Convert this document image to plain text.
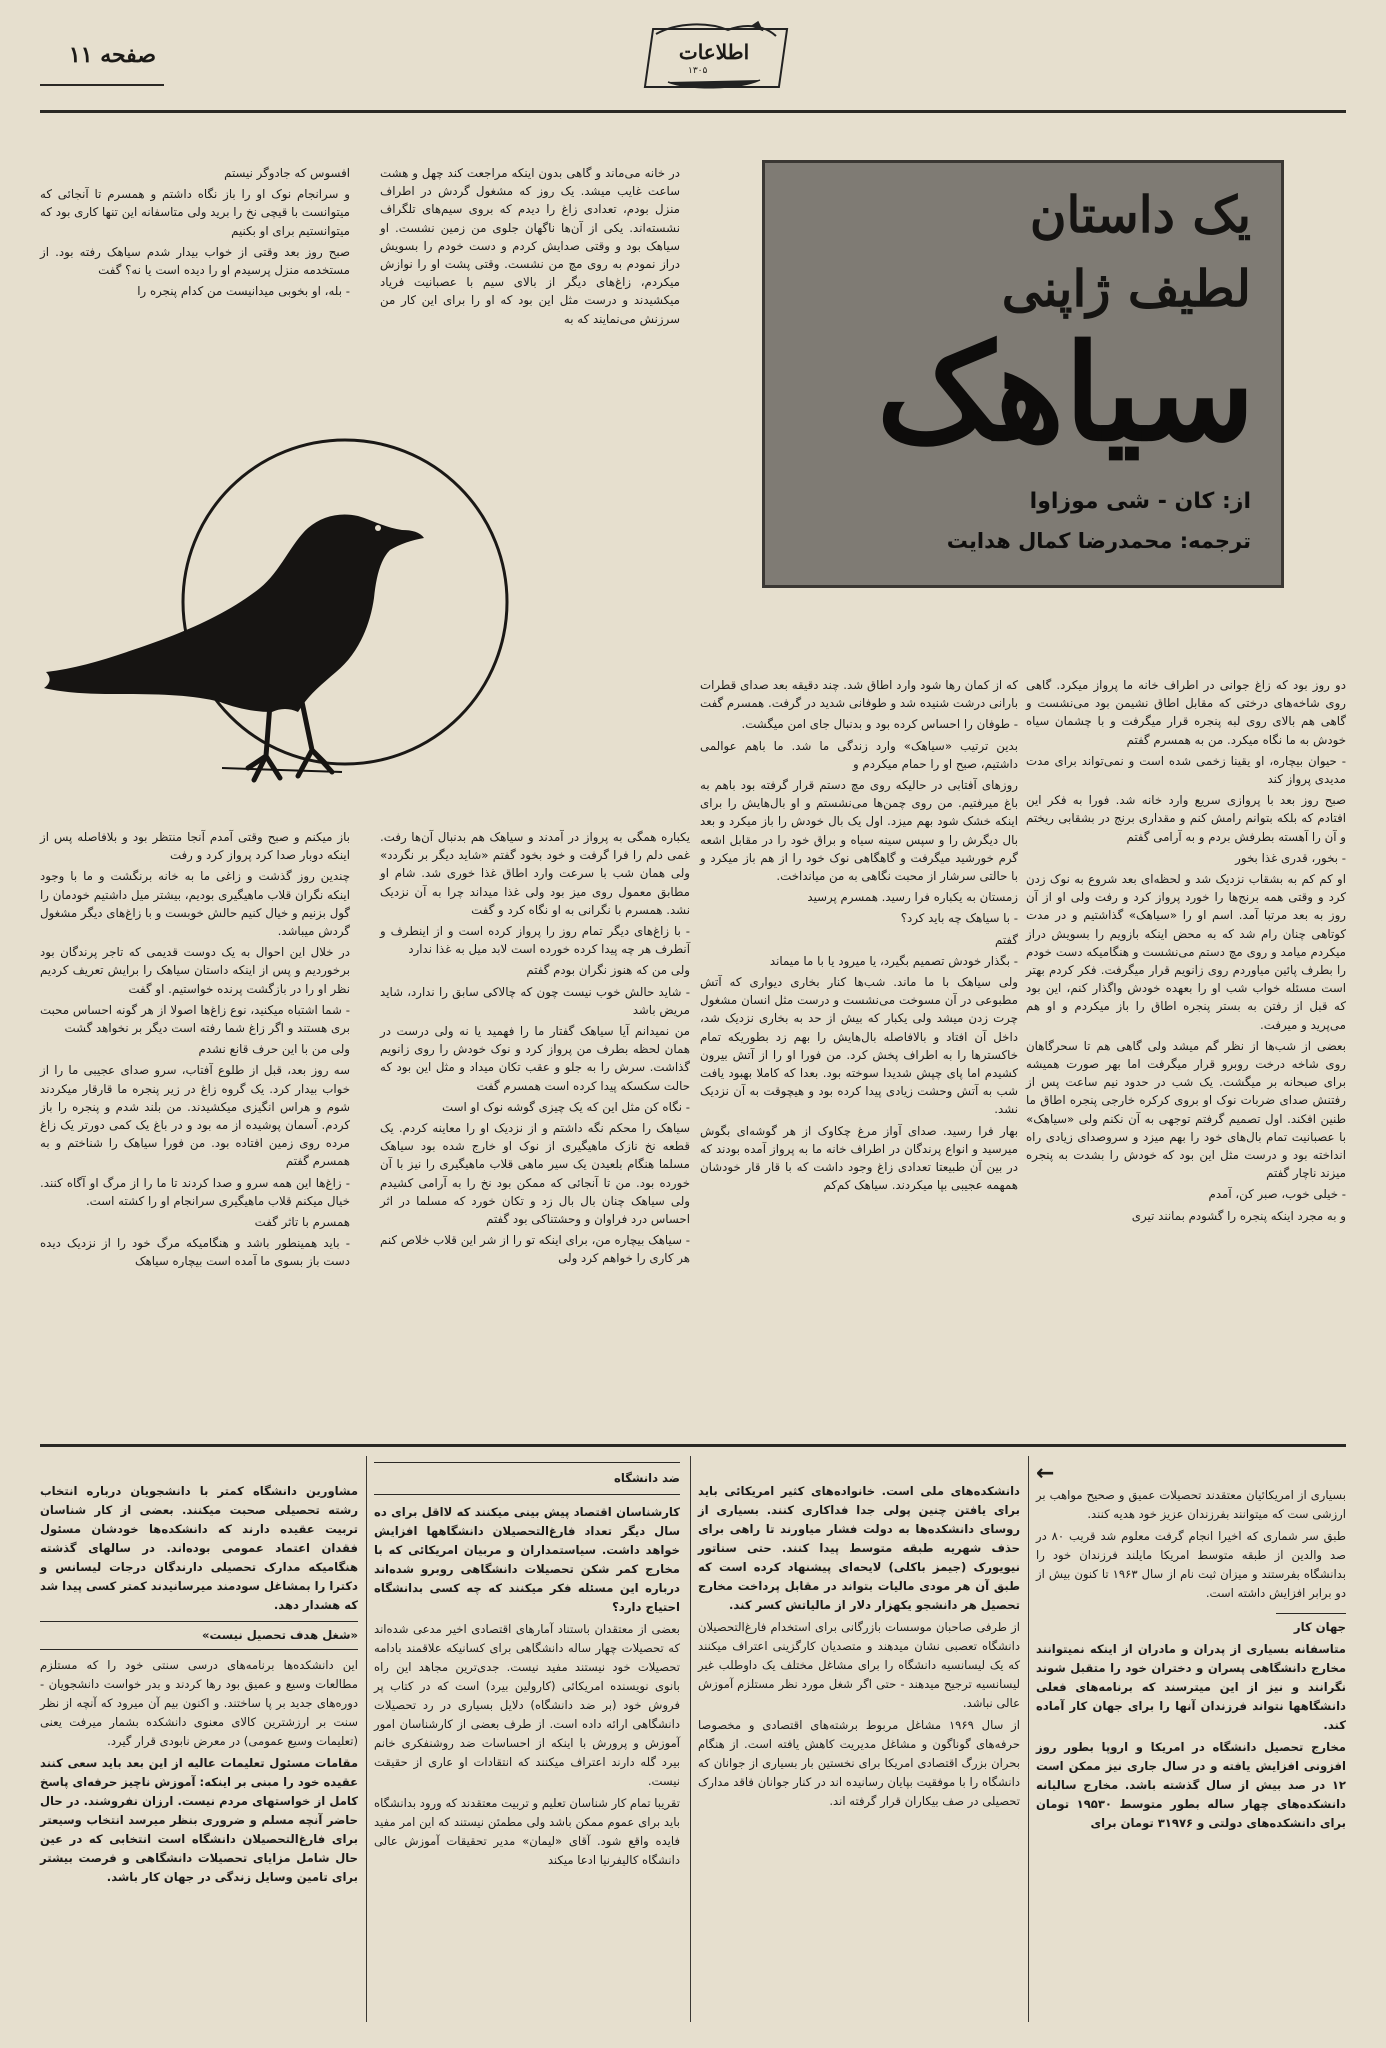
صفحه ۱۱	اطلاعات
۱۳۰۵
یک داستان
لطیف ژاپنی
سیاهک
از: کان - شی موزاوا
ترجمه: محمدرضا کمال هدایت

در خانه می‌ماند و گاهی بدون اینکه مراجعت کند چهل و هشت ساعت غایب میشد. یک روز که مشغول گردش در اطراف منزل بودم، تعدادی زاغ را دیدم که بروی سیم‌های تلگراف نشسته‌اند. یکی از آن‌ها ناگهان جلوی من زمین نشست. او سیاهک بود و وقتی صدایش کردم و دست خودم را بسویش دراز نمودم به روی مچ من نشست. وقتی پشت او را نوازش میکردم، زاغ‌های دیگر از بالای سیم با عصبانیت فریاد میکشیدند و درست مثل این بود که او را برای این کار من سرزنش می‌نمایند که به

افسوس که جادوگر نیستم

و سرانجام نوک او را باز نگاه داشتم و همسرم تا آنجائی که میتوانست با قیچی نخ را برید ولی متاسفانه این تنها کاری بود که میتوانستیم برای او بکنیم

صبح روز بعد وقتی از خواب بیدار شدم سیاهک رفته بود. از مستخدمه منزل پرسیدم او را دیده است یا نه؟ گفت

- بله، او بخوبی میدانیست من کدام پنجره را

دو روز بود که زاغ جوانی در اطراف خانه ما پرواز میکرد. گاهی روی شاخه‌های درختی که مقابل اطاق نشیمن بود می‌نشست و گاهی هم بالای روی لبه پنجره قرار میگرفت و با چشمان سیاه خودش به ما نگاه میکرد. من به همسرم گفتم

- حیوان بیچاره، او یقینا زخمی شده است و نمی‌تواند برای مدت مدیدی پرواز کند

صبح روز بعد با پروازی سریع وارد خانه شد. فورا به فکر این افتادم که بلکه بتوانم رامش کنم و مقداری برنج در بشقابی ریختم و آن را آهسته بطرفش بردم و به آرامی گفتم

- بخور، قدری غذا بخور

او کم کم به بشقاب نزدیک شد و لحظه‌ای بعد شروع به نوک زدن کرد و وقتی همه برنج‌ها را خورد پرواز کرد و رفت ولی او از آن روز به بعد مرتبا آمد. اسم او را «سیاهک» گذاشتیم و در مدت کوتاهی چنان رام شد که به محض اینکه بازویم را بسویش دراز میکردم میامد و روی مچ دستم می‌نشست و هنگامیکه دست خودم را بطرف پائین میاوردم روی زانویم قرار میگرفت. فکر کردم بهتر است مسئله خواب شب او را بعهده خودش واگذار کنم، این بود که قبل از رفتن به بستر پنجره اطاق را باز میکردم و او هم می‌پرید و میرفت.

بعضی از شب‌ها از نظر گم میشد ولی گاهی هم تا سحرگاهان روی شاخه درخت روبرو قرار میگرفت اما بهر صورت همیشه برای صبحانه بر میگشت. یک شب در حدود نیم ساعت پس از رفتنش صدای ضربات نوک او بروی کرکره خارجی پنجره اطاق ما طنین افکند. اول تصمیم گرفتم توجهی به آن نکنم ولی «سیاهک» با عصبانیت تمام بال‌های خود را بهم میزد و سروصدای زیادی راه انداخته بود و درست مثل این بود که خودش را بشدت به پنجره میزند ناچار گفتم

- خیلی خوب، صبر کن، آمدم

و به مجرد اینکه پنجره را گشودم بمانند تیری

که از کمان رها شود وارد اطاق شد. چند دقیقه بعد صدای قطرات بارانی درشت شنیده شد و طوفانی شدید در گرفت. همسرم گفت

- طوفان را احساس کرده بود و بدنبال جای امن میگشت.

بدین ترتیب «سیاهک» وارد زندگی ما شد. ما باهم عوالمی داشتیم، صبح او را حمام میکردم و

روزهای آفتابی در حالیکه روی مچ دستم قرار گرفته بود باهم به باغ میرفتیم. من روی چمن‌ها می‌نشستم و او بال‌هایش را برای اینکه خشک شود بهم میزد. اول یک بال خودش را باز میکرد و بعد بال دیگرش را و سپس سینه سیاه و براق خود را در مقابل اشعه گرم خورشید میگرفت و گاهگاهی نوک خود را از هم باز میکرد و با حالتی سرشار از محبت نگاهی به من میانداخت.

زمستان به یکباره فرا رسید. همسرم پرسید

- با سیاهک چه باید کرد؟

گفتم

- بگذار خودش تصمیم بگیرد، یا میرود یا با ما میماند

ولی سیاهک با ما ماند. شب‌ها کنار بخاری دیواری که آتش مطبوعی در آن مسوخت می‌نشست و درست مثل انسان مشغول چرت زدن میشد ولی یکبار که بیش از حد به بخاری نزدیک شد، داخل آن افتاد و بالافاصله بال‌هایش را بهم زد بطوریکه تمام خاکسترها را به اطراف پخش کرد. من فورا او را از آتش بیرون کشیدم اما پای چپش شدیدا سوخته بود. بعدا که کاملا بهبود یافت شب به آتش وحشت زیادی پیدا کرده بود و هیچوقت به آن نزدیک نشد.

بهار فرا رسید. صدای آواز مرغ چکاوک از هر گوشه‌ای بگوش میرسید و انواع پرندگان در اطراف خانه ما به پرواز آمده بودند که در بین آن طبیعتا تعدادی زاغ وجود داشت که با قار قار خودشان همهمه عجیبی بپا میکردند. سیاهک کم‌کم

یکباره همگی به پرواز در آمدند و سیاهک هم بدنبال آن‌ها رفت. غمی دلم را فرا گرفت و خود بخود گفتم «شاید دیگر بر نگردد» ولی همان شب با سرعت وارد اطاق غذا خوری شد. شام او مطابق معمول روی میز بود ولی غذا میداند چرا به آن نزدیک نشد. همسرم با نگرانی به او نگاه کرد و گفت

- با زاغ‌های دیگر تمام روز را پرواز کرده است و از اینطرف و آنطرف هر چه پیدا کرده خورده است لابد میل به غذا ندارد

ولی من که هنوز نگران بودم گفتم

- شاید حالش خوب نیست چون که چالاکی سابق را ندارد، شاید مریض باشد

من نمیدانم آیا سیاهک گفتار ما را فهمید یا نه ولی درست در همان لحظه بطرف من پرواز کرد و نوک خودش را روی زانویم گذاشت. سرش را به جلو و عقب تکان میداد و مثل این بود که حالت سکسکه پیدا کرده است همسرم گفت

- نگاه کن مثل این که یک چیزی گوشه نوک او است

سیاهک را محکم نگه داشتم و از نزدیک او را معاینه کردم. یک قطعه نخ نازک ماهیگیری از نوک او خارج شده بود سیاهک مسلما هنگام بلعیدن یک سیر ماهی قلاب ماهیگیری را نیز با آن خورده بود. من تا آنجائی که ممکن بود نخ را به آرامی کشیدم ولی سیاهک چنان بال بال زد و تکان خورد که مسلما در اثر احساس درد فراوان و وحشتناکی بود گفتم

- سیاهک بیچاره من، برای اینکه تو را از شر این قلاب خلاص کنم هر کاری را خواهم کرد ولی

باز میکنم و صبح وقتی آمدم آنجا منتظر بود و بلافاصله پس از اینکه دوبار صدا کرد پرواز کرد و رفت

چندین روز گذشت و زاغی ما به خانه برنگشت و ما با وجود اینکه نگران قلاب ماهیگیری بودیم، بیشتر میل داشتیم خودمان را گول بزنیم و خیال کنیم حالش خوبست و با زاغ‌های دیگر مشغول گردش میباشد.

در خلال این احوال به یک دوست قدیمی که تاجر پرندگان بود برخوردیم و پس از اینکه داستان سیاهک را برایش تعریف کردیم نظر او را در بازگشت پرنده خواستیم. او گفت

- شما اشتباه میکنید، نوع زاغ‌ها اصولا از هر گونه احساس محبت بری هستند و اگر زاغ شما رفته است دیگر بر نخواهد گشت

ولی من با این حرف قانع نشدم

سه روز بعد، قبل از طلوع آفتاب، سرو صدای عجیبی ما را از خواب بیدار کرد. یک گروه زاغ در زیر پنجره ما قارقار میکردند شوم و هراس انگیزی میکشیدند. من بلند شدم و پنجره را باز کردم. آسمان پوشیده از مه بود و در باغ یک کمی دورتر یک زاغ مرده روی زمین افتاده بود. من فورا سیاهک را شناختم و به همسرم گفتم

- زاغ‌ها این همه سرو و صدا کردند تا ما را از مرگ او آگاه کنند. خیال میکنم قلاب ماهیگیری سرانجام او را کشته است.

همسرم با تاثر گفت

- باید همینطور باشد و هنگامیکه مرگ خود را از نزدیک دیده دست باز بسوی ما آمده است بیچاره سیاهک

←

بسیاری از امریکائیان معتقدند تحصیلات عمیق و صحیح مواهب بر ارزشی ست که میتوانند بفرزندان عزیز خود هدیه کنند.

طبق سر شماری که اخیرا انجام گرفت معلوم شد قریب ۸۰ در صد والدین از طبقه متوسط امریکا مایلند فرزندان خود را بدانشگاه بفرستند و میزان ثبت نام از سال ۱۹۶۳ تا کنون بیش از دو برابر افزایش داشته است.

جهان کار

متاسفانه بسیاری از پدران و مادران از اینکه نمیتوانند مخارج دانشگاهی پسران و دختران خود را متقبل شوند نگرانند و نیز از این میترسند که برنامه‌های فعلی دانشگاهها نتواند فرزندان آنها را برای جهان کار آماده کند.

مخارج تحصیل دانشگاه در امریکا و اروپا بطور روز افزونی افزایش یافته و در سال جاری نیز ممکن است ۱۲ در صد بیش از سال گذشته باشد. مخارج سالیانه دانشکده‌های چهار ساله بطور متوسط ۱۹۵۳۰ تومان برای دانشکده‌های دولتی و ۳۱۹۷۶ تومان برای

دانشکده‌های ملی است. خانواده‌های کثیر امریکائی باید برای یافتن چنین پولی جدا فداکاری کنند. بسیاری از روسای دانشکده‌ها به دولت فشار میاورند تا راهی برای حذف شهریه طبقه متوسط پیدا کنند. حتی سناتور نیویورک (جیمز باکلی) لایحه‌ای پیشنهاد کرده است که طبق آن هر مودی مالیات بتواند در مقابل پرداخت مخارج تحصیل هر دانشجو یکهزار دلار از مالیاتش کسر کند.

از طرفی صاحبان موسسات بازرگانی برای استخدام فارغ‌التحصیلان دانشگاه تعصبی نشان میدهند و متصدیان کارگزینی اعتراف میکنند که یک لیسانسیه دانشگاه را برای مشاغل مختلف یک داوطلب غیر لیسانسیه ترجیح میدهند - حتی اگر شغل مورد نظر مستلزم آموزش عالی نباشد.

از سال ۱۹۶۹ مشاغل مربوط برشته‌های اقتصادی و مخصوصا حرفه‌های گوناگون و مشاغل مدیریت کاهش یافته است. از هنگام بحران بزرگ اقتصادی امریکا برای نخستین بار بسیاری از جوانان که دانشگاه را با موفقیت بپایان رسانیده اند در کنار جوانان فاقد مدارک تحصیلی در صف بیکاران قرار گرفته اند.

ضد دانشگاه

کارشناسان اقتصاد پیش بینی میکنند که لااقل برای ده سال دیگر تعداد فارغ‌التحصیلان دانشگاهها افزایش خواهد داشت. سیاستمداران و مربیان امریکائی که با مخارج کمر شکن تحصیلات دانشگاهی روبرو شده‌اند درباره این مسئله فکر میکنند که چه کسی بدانشگاه احتیاج دارد؟

بعضی از معتقدان باستناد آمارهای اقتصادی اخیر مدعی شده‌اند که تحصیلات چهار ساله دانشگاهی برای کسانیکه علاقمند بادامه تحصیلات خود نیستند مفید نیست. جدی‌ترین مجاهد این راه بانوی نویسنده امریکائی (کارولین بیرد) است که در کتاب پر فروش خود (بر ضد دانشگاه) دلایل بسیاری در رد تحصیلات دانشگاهی ارائه داده است. از طرف بعضی از کارشناسان امور آموزش و پرورش با اینکه از احساسات ضد روشنفکری خانم بیرد گله دارند اعتراف میکنند که انتقادات او عاری از حقیقت نیست.

تقریبا تمام کار شناسان تعلیم و تربیت معتقدند که ورود بدانشگاه باید برای عموم ممکن باشد ولی مطمئن نیستند که این امر مفید فایده واقع شود. آقای «لیمان» مدیر تحقیقات آموزش عالی دانشگاه کالیفرنیا ادعا میکند

مشاورین دانشگاه کمتر با دانشجویان درباره انتخاب رشته تحصیلی صحبت میکنند. بعضی از کار شناسان تربیت عقیده دارند که دانشکده‌ها خودشان مسئول فقدان اعتماد عمومی بوده‌اند. در سالهای گذشته هنگامیکه مدارک تحصیلی دارندگان درجات لیسانس و دکترا را بمشاغل سودمند میرسانیدند کمتر کسی پیدا شد که هشدار دهد.

«شغل هدف تحصیل نیست»

این دانشکده‌ها برنامه‌های درسی سنتی خود را که مستلزم مطالعات وسیع و عمیق بود رها کردند و بدر خواست دانشجویان - دوره‌های جدید بر پا ساختند. و اکنون بیم آن میرود که آنچه از نظر سنت بر ارزشترین کالای معنوی دانشکده بشمار میرفت یعنی (تعلیمات وسیع عمومی) در معرض نابودی قرار گیرد.

مقامات مسئول تعلیمات عالیه از این بعد باید سعی کنند عقیده خود را مبنی بر اینکه: آموزش ناچیز حرفه‌ای پاسخ کامل از خواستهای مردم نیست. ارزان نفروشند. در حال حاضر آنچه مسلم و ضروری بنظر میرسد انتخاب وسیعتر برای فارغ‌التحصیلان دانشگاه است انتخابی که در عین حال شامل مزایای تحصیلات دانشگاهی و فرصت بیشتر برای تامین وسایل زندگی در جهان کار باشد.
